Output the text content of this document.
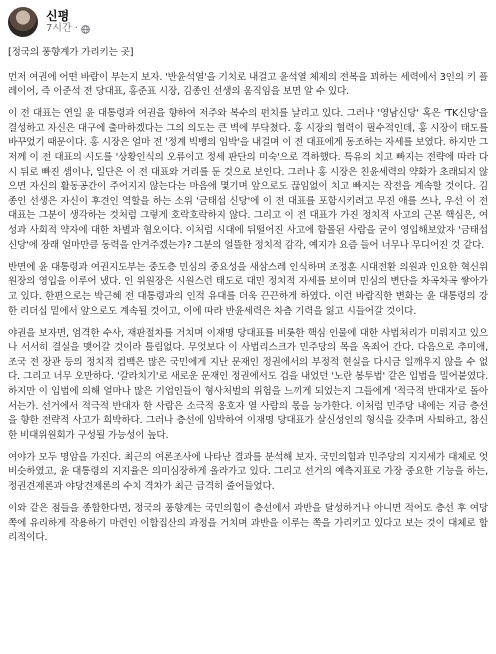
신평
7시간 ·

[정국의 풍향계가 가리키는 곳]

먼저 여권에 어떤 바람이 부는지 보자. '반윤석열'을 기치로 내걸고 윤석열 체제의 전복을 꾀하는 세력에서 3인의 키 플레이어, 즉 이준석 전 당대표, 홍준표 시장, 김종인 선생의 움직임을 보면 알 수 있다.

이 전 대표는 연일 윤 대통령과 여권을 향하여 저주와 복수의 펀치를 날리고 있다. 그러나 '영남신당' 혹은 'TK신당'을 결성하고 자신은 대구에 출마하겠다는 그의 의도는 큰 벽에 부닥쳤다. 홍 시장의 협력이 필수적인데, 홍 시장이 태도를 바꾸었기 때문이다. 홍 시장은 얼마 전 '정계 빅뱅의 임박'을 내걸며 이 전 대표에게 동조하는 자세를 보였다. 하지만 그저께 이 전 대표의 시도를 '상황인식의 오류이고 정세 판단의 미숙'으로 격하했다. 특유의 치고 빠지는 전략에 따라 다시 뒤로 빠진 셈이나, 일단은 이 전 대표와 거리를 둔 것으로 보인다. 그러나 홍 시장은 친윤세력의 약화가 초래되지 않으면 자신의 활동공간이 주어지지 않는다는 마음에 몇기며 앞으로도 끊임없이 치고 빠지는 작전을 계속할 것이다. 김종인 선생은 자신이 후견인 역할을 하는 소위 '금태섭 신당'에 이 전 대표를 포함시키려고 무진 애를 쓰나, 우선 이 전 대표는 그분이 생각하는 것처럼 그렇게 호락호락하지 않다. 그리고 이 전 대표가 가진 정치적 사고의 근본 핵심은, 여성과 사회적 약자에 대한 차별과 혐오이다. 이처럼 시대에 뒤떨어진 사고에 함몰된 사람을 굳이 영입해보았자 '금태섭 신당'에 장래 얼마만큼 동력을 안겨주겠는가? 그분의 얼뜰한 정치적 감각, 예지가 요즘 들어 너무나 무디어진 것 같다.

반면에 윤 대통령과 여권지도부는 중도층 민심의 중요성을 새삼스레 인식하며 조정훈 시대전환 의원과 인요한 혁신위원장의 영입을 이루어 냈다. 인 위원장은 시원스런 태도로 대민 정치적 자세를 보이며 민심의 변단을 차곡차곡 쌓아가고 있다. 한편으로는 박근혜 전 대통령과의 인적 유대를 더욱 끈끈하게 하였다. 이런 바람직한 변화는 윤 대통령의 강한 리더십 밑에서 앞으로도 계속될 것이고, 이에 따라 반윤세력은 차츰 기력을 잃고 시들어갈 것이다.

야권을 보자면, 엄격한 수사, 재판절차를 거치며 이재명 당대표를 비롯한 핵심 인물에 대한 사법처리가 미뤄지고 있으나 서서히 결실을 맺어갈 것이라 틀림없다. 무엇보다 이 사법리스크가 민주당의 목을 옥죄어 간다. 다음으로 추미애, 조국 전 장관 등의 정치적 컴백은 많은 국민에게 지난 문재인 정권에서의 부정적 현실을 다시금 일깨우지 않을 수 없다. 그리고 너무 오만하다. '갈라치기'로 새로운 문재인 정권에서도 겁을 내었던 '노란 봉투법' 같은 입법을 밀어붙였다. 하지만 이 입법에 의해 얼마나 많은 기업인들이 형사처벌의 위험을 느끼게 되었는지 그들에게 '적극적 반대자'로 돌아서는가. 선거에서 적극적 반대자 한 사람은 소극적 옹호자 열 사람의 몫을 능가한다. 이처럼 민주당 내에는 지금 층선을 향한 전략적 사고가 희박하다. 그러나 층선에 임박하여 이재명 당대표가 살신성인의 형식을 갖추며 사퇴하고, 참신한 비대위원회가 구성될 가능성이 높다.

여야가 모두 명암을 가진다. 최근의 여론조사에 나타난 결과를 분석해 보자. 국민의힘과 민주당의 지지세가 대체로 엇비슷하였고, 윤 대통령의 지지율은 의미심장하게 올라가고 있다. 그리고 선거의 예측지표로 가장 중요한 기능을 하는, 정권견제론과 야당견제론의 수치 격차가 최근 급격히 줄어들었다.

이와 같은 점들을 종합한다면, 정국의 풍향계는 국민의힘이 층선에서 과반을 달성하거나 아니면 적어도 층선 후 여당 쪽에 유리하게 작용하기 마련인 이합집산의 과정을 거치며 과반을 이루는 쪽을 가리키고 있다고 보는 것이 대체로 합리적이다.
